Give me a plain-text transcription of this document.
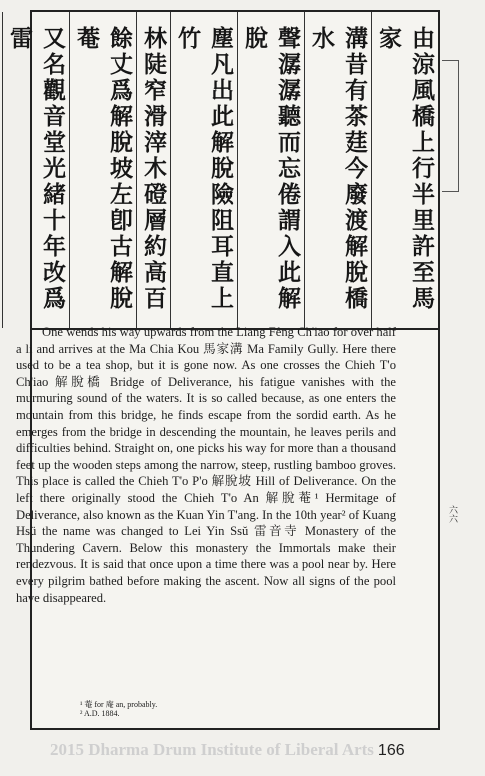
由涼風橋上行半里許至馬家
溝昔有茶莛今廢渡解脫橋水
聲潺潺聽而忘倦謂入此解脫
塵凡出此解脫險阻耳直上竹
林陡窄滑滓木磴層約高百
餘丈爲解脫坡左卽古解脫菴
又名觀音堂光緒十年改爲雷

One wends his way upwards from the Liang Fêng Ch'iao for over half a li and arrives at the Ma Chia Kou 馬家溝 Ma Family Gully. Here there used to be a tea shop, but it is gone now. As one crosses the Chieh T'o Ch'iao 解脫橋 Bridge of Deliverance, his fatigue vanishes with the murmuring sound of the waters. It is so called because, as one enters the mountain from this bridge, he finds escape from the sordid earth. As he emerges from the bridge in descending the mountain, he leaves perils and difficulties behind. Straight on, one picks his way for more than a thousand feet up the wooden steps among the narrow, steep, rustling bamboo groves. This place is called the Chieh T'o P'o 解脫坡 Hill of Deliverance. On the left there originally stood the Chieh T'o An 解脫菴¹ Hermitage of Deliverance, also known as the Kuan Yin T'ang. In the 10th year² of Kuang Hsü the name was changed to Lei Yin Ssŭ 雷音寺 Monastery of the Thundering Cavern. Below this monastery the Immortals make their rendezvous. It is said that once upon a time there was a pool near by. Here every pilgrim bathed before making the ascent. Now all signs of the pool have disappeared.

¹ 菴 for 庵 an, probably.
² A.D. 1884.
六六
2015 Dharma Drum Institute of Liberal Arts 166
